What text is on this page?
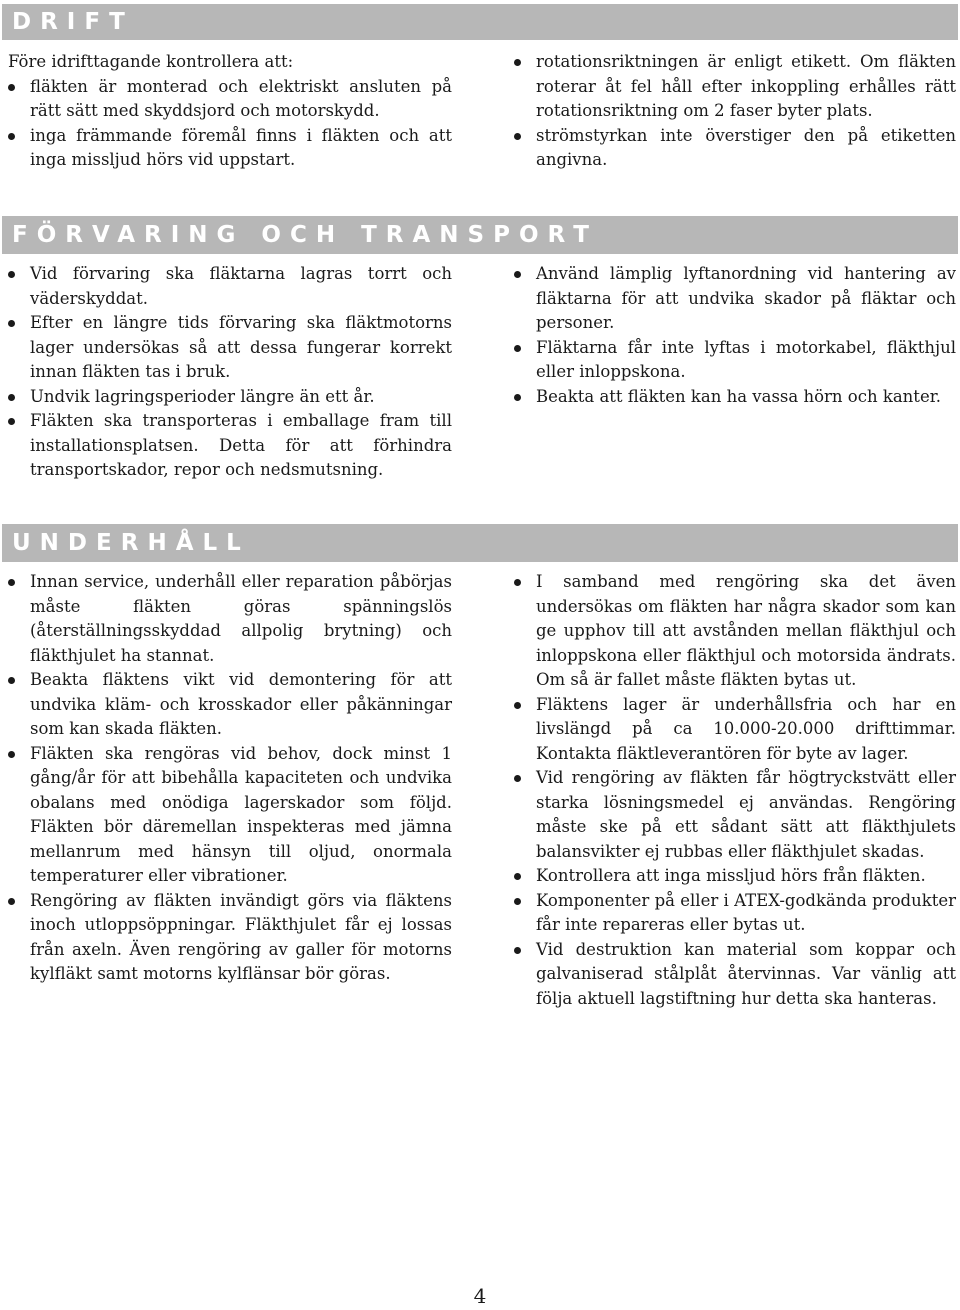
DRIFT

Före idrifttagande kontrollera att:

fläkten är monterad och elektriskt ansluten på rätt sätt med skyddsjord och motorskydd.
inga främmande föremål finns i fläkten och att inga missljud hörs vid uppstart.
rotationsriktningen är enligt etikett. Om fläkten roterar åt fel håll efter inkoppling erhålles rätt rotationsriktning om 2 faser byter plats.
strömstyrkan inte överstiger den på etiketten angivna.
FÖRVARING OCH TRANSPORT
Vid förvaring ska fläktarna lagras torrt och väderskyddat.
Efter en längre tids förvaring ska fläktmotorns lager undersökas så att dessa fungerar korrekt innan fläkten tas i bruk.
Undvik lagringsperioder längre än ett år.
Fläkten ska transporteras i emballage fram till installationsplatsen. Detta för att förhindra transportskador, repor och nedsmutsning.
Använd lämplig lyftanordning vid hantering av fläktarna för att undvika skador på fläktar och personer.
Fläktarna får inte lyftas i motorkabel, fläkthjul eller inloppskona.
Beakta att fläkten kan ha vassa hörn och kanter.
UNDERHÅLL
Innan service, underhåll eller reparation påbörjas måste fläkten göras spänningslös (återställningsskyddad allpolig brytning) och fläkthjulet ha stannat.
Beakta fläktens vikt vid demontering för att undvika kläm- och krosskador eller påkänningar som kan skada fläkten.
Fläkten ska rengöras vid behov, dock minst 1 gång/år för att bibehålla kapaciteten och undvika obalans med onödiga lagerskador som följd. Fläkten bör däremellan inspekteras med jämna mellanrum med hänsyn till oljud, onormala temperaturer eller vibrationer.
Rengöring av fläkten invändigt görs via fläktens inoch utloppsöppningar. Fläkthjulet får ej lossas från axeln. Även rengöring av galler för motorns kylfläkt samt motorns kylflänsar bör göras.
I samband med rengöring ska det även undersökas om fläkten har några skador som kan ge upphov till att avstånden mellan fläkthjul och inloppskona eller fläkthjul och motorsida ändrats. Om så är fallet måste fläkten bytas ut.
Fläktens lager är underhållsfria och har en livslängd på ca 10.000-20.000 drifttimmar. Kontakta fläktleverantören för byte av lager.
Vid rengöring av fläkten får högtryckstvätt eller starka lösningsmedel ej användas. Rengöring måste ske på ett sådant sätt att fläkthjulets balansvikter ej rubbas eller fläkthjulet skadas.
Kontrollera att inga missljud hörs från fläkten.
Komponenter på eller i ATEX-godkända produkter får inte repareras eller bytas ut.
Vid destruktion kan material som koppar och galvaniserad stålplåt återvinnas. Var vänlig att följa aktuell lagstiftning hur detta ska hanteras.
4
